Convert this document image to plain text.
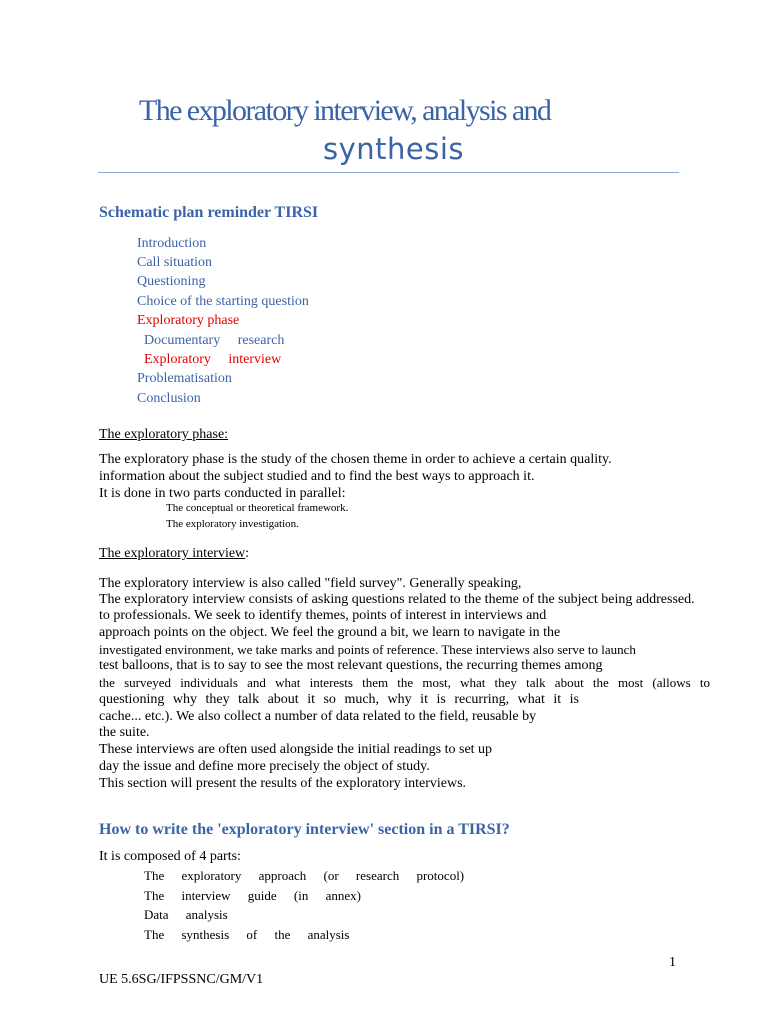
The exploratory interview, analysis and
synthesis
Schematic plan reminder TIRSI
Introduction
Call situation
Questioning
Choice of the starting question
Exploratory phase
Documentary research
Exploratory interview
Problematisation
Conclusion
The exploratory phase:
The exploratory phase is the study of the chosen theme in order to achieve a certain quality.
information about the subject studied and to find the best ways to approach it.
It is done in two parts conducted in parallel:
The conceptual or theoretical framework.
The exploratory investigation.
The exploratory interview:
The exploratory interview is also called "field survey". Generally speaking,
The exploratory interview consists of asking questions related to the theme of the subject being addressed.
to professionals. We seek to identify themes, points of interest in interviews and
approach points on the object. We feel the ground a bit, we learn to navigate in the
investigated environment, we take marks and points of reference. These interviews also serve to launch
test balloons, that is to say to see the most relevant questions, the recurring themes among
the surveyed individuals and what interests them the most, what they talk about the most (allows to
questioning why they talk about it so much, why it is recurring, what it is
cache... etc.). We also collect a number of data related to the field, reusable by
the suite.
These interviews are often used alongside the initial readings to set up
day the issue and define more precisely the object of study.
This section will present the results of the exploratory interviews.
How to write the 'exploratory interview' section in a TIRSI?
It is composed of 4 parts:
The exploratory approach (or research protocol)
The interview guide (in annex)
Data analysis
The synthesis of the analysis
1
UE 5.6SG/IFPSSNC/GM/V1
